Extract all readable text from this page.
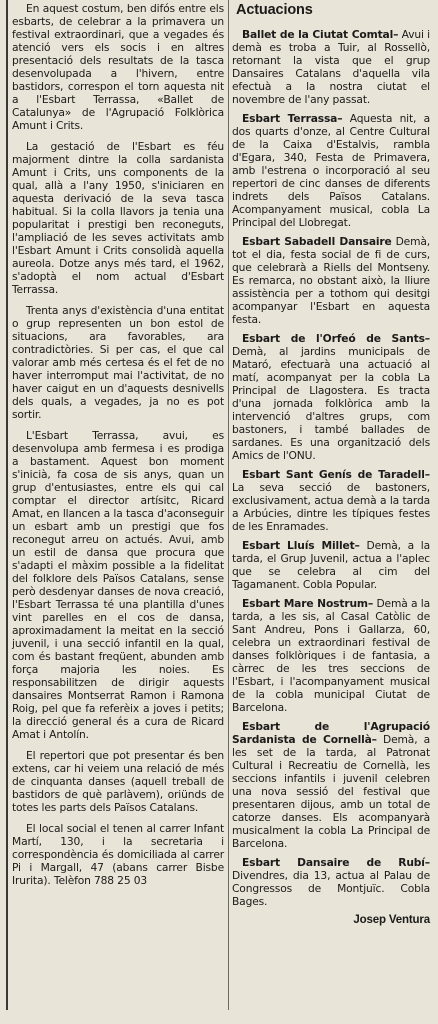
En aquest costum, ben difós entre els esbarts, de celebrar a la primavera un festival extraordinari, que a vegades és atenció vers els socis i en altres presentació dels resultats de la tasca desenvolupada a l'hivern, entre bastidors, correspon el torn aquesta nit a l'Esbart Terrassa, «Ballet de Catalunya» de l'Agrupació Folklòrica Amunt i Crits.

La gestació de l'Esbart es féu majorment dintre la colla sardanista Amunt i Crits, uns components de la qual, allà a l'any 1950, s'iniciaren en aquesta derivació de la seva tasca habitual. Si la colla llavors ja tenia una popularitat i prestigi ben reconeguts, l'ampliació de les seves activitats amb l'Esbart Amunt i Crits consolidà aquella aureola. Dotze anys més tard, el 1962, s'adoptà el nom actual d'Esbart Terrassa.

Trenta anys d'existència d'una entitat o grup representen un bon estol de situacions, ara favorables, ara contradictòries. Si per cas, el que cal valorar amb més certesa és el fet de no haver interromput mai l'activitat, de no haver caigut en un d'aquests desnivells dels quals, a vegades, ja no es pot sortir.

L'Esbart Terrassa, avui, es desenvolupa amb fermesa i es prodiga a bastament. Aquest bon moment s'inicià, fa cosa de sis anys, quan un grup d'entusiastes, entre els qui cal comptar el director artísitc, Ricard Amat, en llancen a la tasca d'aconseguir un esbart amb un prestigi que fos reconegut arreu on actués. Avui, amb un estil de dansa que procura que s'adapti el màxim possible a la fidelitat del folklore dels Països Catalans, sense però desdenyar danses de nova creació, l'Esbart Terrassa té una plantilla d'unes vint parelles en el cos de dansa, aproximadament la meitat en la secció juvenil, i una secció infantil en la qual, com és bastant freqüent, abunden amb força majoria les noies. Es responsabilitzen de dirigir aquests dansaires Montserrat Ramon i Ramona Roig, pel que fa referèix a joves i petits; la direcció general és a cura de Ricard Amat i Antolín.

El repertori que pot presentar és ben extens, car hi veiem una relació de més de cinquanta danses (aquell treball de bastidors de què parlàvem), oriünds de totes les parts dels Països Catalans.

El local social el tenen al carrer Infant Martí, 130, i la secretaria i correspondència és domiciliada al carrer Pi i Margall, 47 (abans carrer Bisbe Irurita). Telèfon 788 25 03

Actuacions
Ballet de la Ciutat Comtal– Avui i demà es troba a Tuir, al Rossellò, retornant la vista que el grup Dansaires Catalans d'aquella vila efectuà a la nostra ciutat el novembre de l'any passat.
Esbart Terrassa– Aquesta nit, a dos quarts d'onze, al Centre Cultural de la Caixa d'Estalvis, rambla d'Egara, 340, Festa de Primavera, amb l'estrena o incorporació al seu repertori de cinc danses de diferents indrets dels Països Catalans. Acompanyament musical, cobla La Principal del Llobregat.
Esbart Sabadell Dansaire Demà, tot el dia, festa social de fi de curs, que celebrarà a Riells del Montseny. Es remarca, no obstant això, la lliure assistència per a tothom qui desitgi acompanyar l'Esbart en aquesta festa.
Esbart de l'Orfeó de Sants– Demà, al jardins municipals de Mataró, efectuarà una actuació al matí, acompanyat per la cobla La Principal de Llagostera. Es tracta d'una jornada folklòrica amb la intervenció d'altres grups, com bastoners, i també ballades de sardanes. Es una organització dels Amics de l'ONU.
Esbart Sant Genís de Taradell– La seva secció de bastoners, exclusivament, actua demà a la tarda a Arbúcies, dintre les típiques festes de les Enramades.
Esbart Lluís Millet– Demà, a la tarda, el Grup Juvenil, actua a l'aplec que se celebra al cim del Tagamanent. Cobla Popular.
Esbart Mare Nostrum– Demà a la tarda, a les sis, al Casal Catòlic de Sant Andreu, Pons i Gallarza, 60, celebra un extraordinari festival de danses folklòriques i de fantasia, a càrrec de les tres seccions de l'Esbart, i l'acompanyament musical de la cobla municipal Ciutat de Barcelona.
Esbart de l'Agrupació Sardanista de Cornellà– Demà, a les set de la tarda, al Patronat Cultural i Recreatiu de Cornellà, les seccions infantils i juvenil celebren una nova sessió del festival que presentaren dijous, amb un total de catorze danses. Els acompanyarà musicalment la cobla La Principal de Barcelona.
Esbart Dansaire de Rubí– Divendres, dia 13, actua al Palau de Congressos de Montjuïc. Cobla Bages.
Josep Ventura
